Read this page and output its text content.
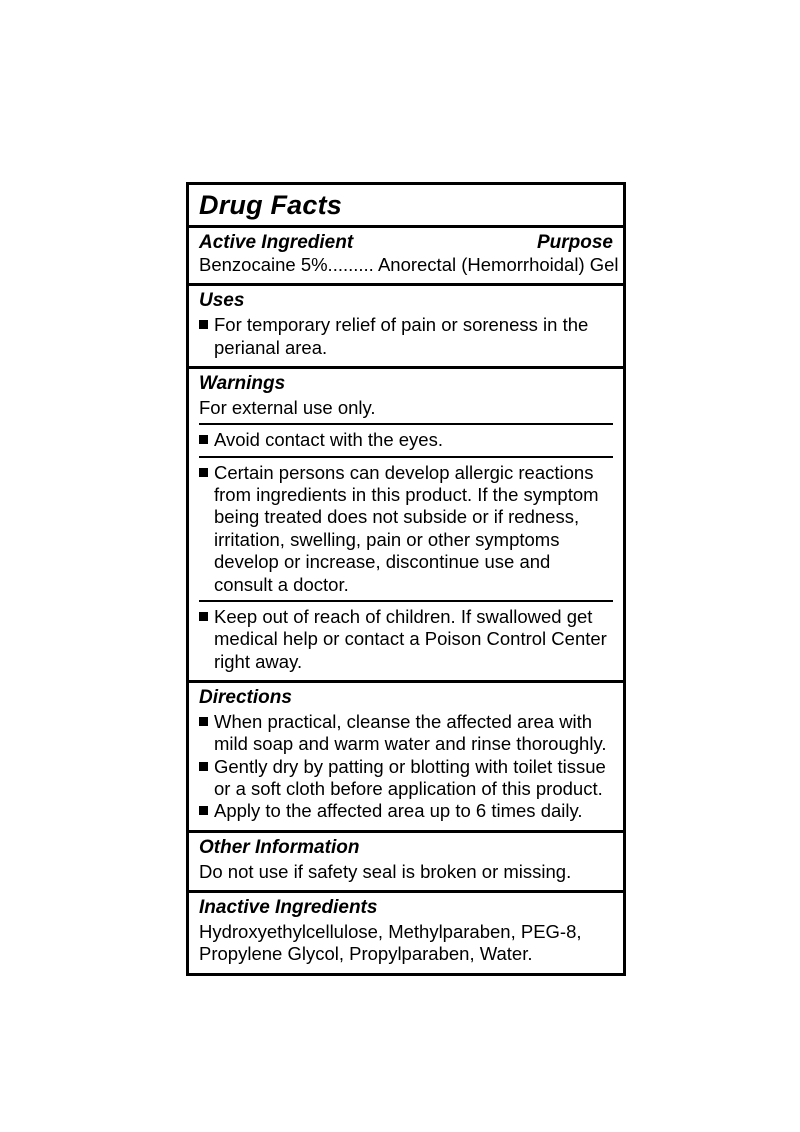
Drug Facts
Active Ingredient	Purpose
Benzocaine 5%......... Anorectal (Hemorrhoidal) Gel
Uses
For temporary relief of pain or soreness in the perianal area.
Warnings
For external use only.
Avoid contact with the eyes.
Certain persons can develop allergic reactions from ingredients in this product. If the symptom being treated does not subside or if redness, irritation, swelling, pain or other symptoms develop or increase, discontinue use and consult a doctor.
Keep out of reach of children. If swallowed get medical help or contact a Poison Control Center right away.
Directions
When practical, cleanse the affected area with mild soap and warm water and rinse thoroughly.
Gently dry by patting or blotting with toilet tissue or a soft cloth before application of this product.
Apply to the affected area up to 6 times daily.
Other Information
Do not use if safety seal is broken or missing.
Inactive Ingredients
Hydroxyethylcellulose, Methylparaben, PEG-8, Propylene Glycol, Propylparaben, Water.
